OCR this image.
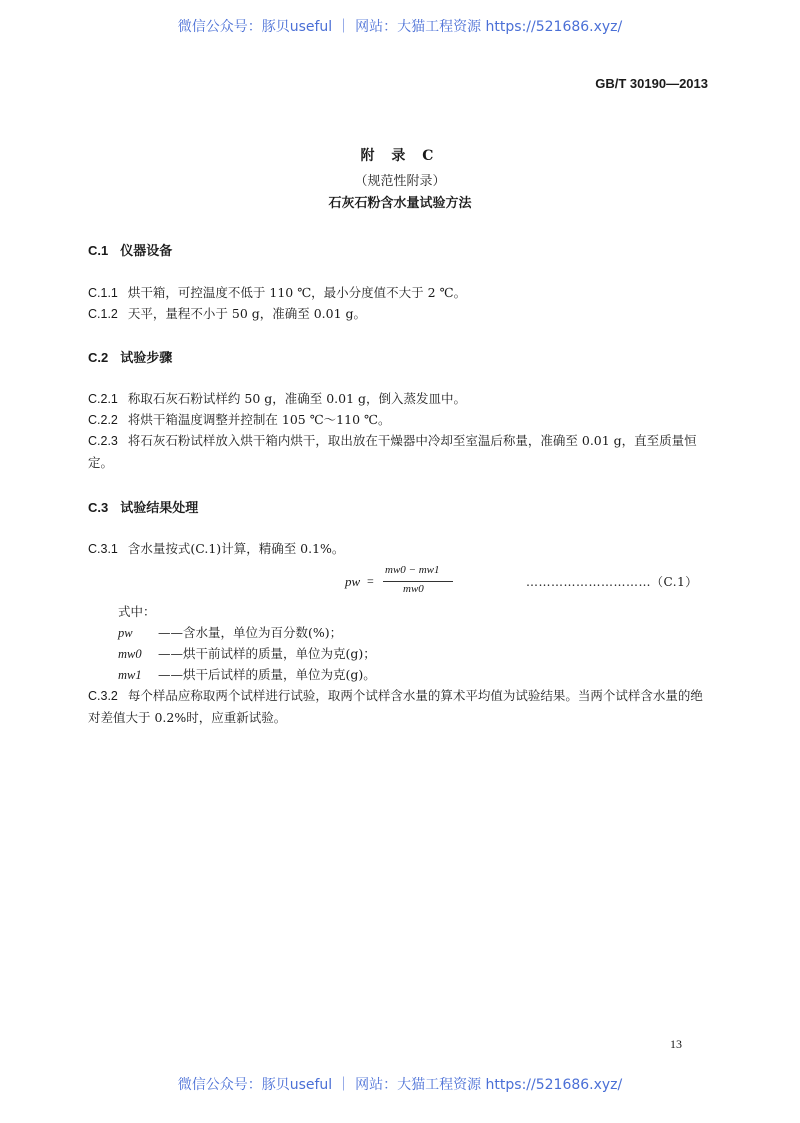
微信公众号：豚贝useful ｜ 网站：大猫工程资源 https://521686.xyz/
GB/T 30190—2013
附 录 C
（规范性附录）
石灰石粉含水量试验方法
C.1 仪器设备
C.1.1 烘干箱，可控温度不低于 110 ℃，最小分度值不大于 2 ℃。
C.1.2 天平，量程不小于 50 g，准确至 0.01 g。
C.2 试验步骤
C.2.1 称取石灰石粉试样约 50 g，准确至 0.01 g，倒入蒸发皿中。
C.2.2 将烘干箱温度调整并控制在 105 ℃～110 ℃。
C.2.3 将石灰石粉试样放入烘干箱内烘干，取出放在干燥器中冷却至室温后称量，准确至 0.01 g，直至质量恒定。
C.3 试验结果处理
C.3.1 含水量按式(C.1)计算，精确至 0.1%。
pw =
mw0 − mw1
mw0	…………………………（C.1）
式中：
pw ——含水量，单位为百分数(%)；
mw0 ——烘干前试样的质量，单位为克(g)；
mw1 ——烘干后试样的质量，单位为克(g)。
C.3.2 每个样品应称取两个试样进行试验，取两个试样含水量的算术平均值为试验结果。当两个试样含水量的绝对差值大于 0.2%时，应重新试验。
13
微信公众号：豚贝useful ｜ 网站：大猫工程资源 https://521686.xyz/
